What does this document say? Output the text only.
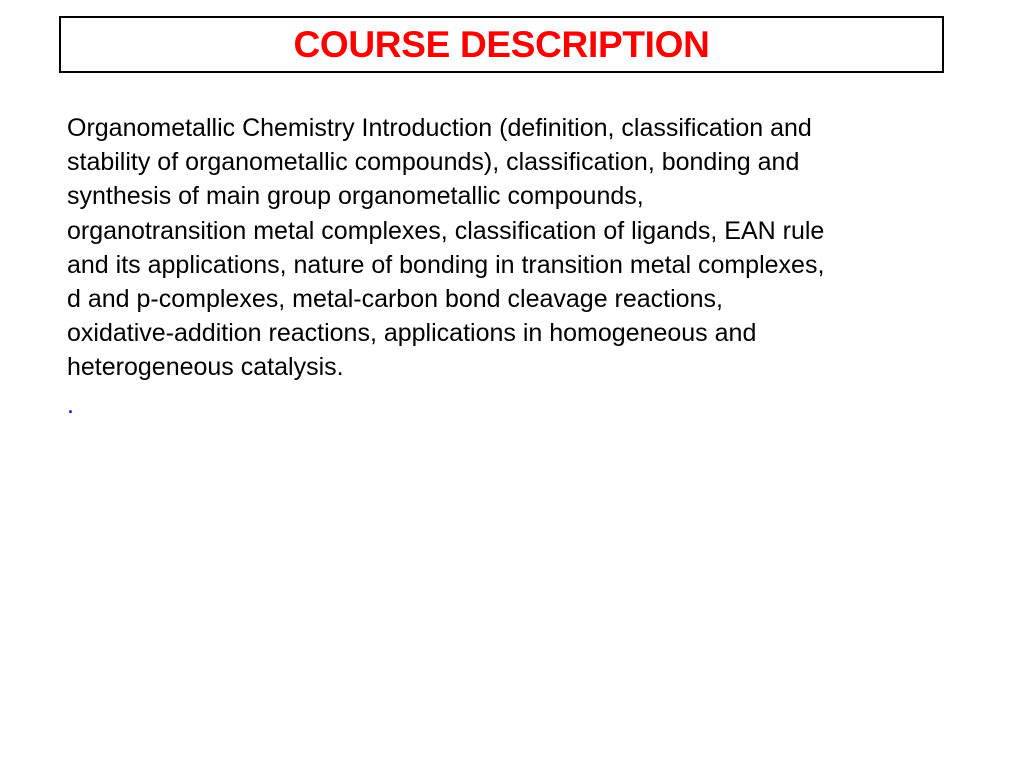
COURSE DESCRIPTION
Organometallic Chemistry Introduction (definition, classification and
stability of organometallic compounds), classification, bonding and
synthesis of main group organometallic compounds,
organotransition metal complexes, classification of ligands, EAN rule
and its applications, nature of bonding in transition metal complexes,
d and p-complexes, metal-carbon bond cleavage reactions,
oxidative-addition reactions, applications in homogeneous and
heterogeneous catalysis.
.
